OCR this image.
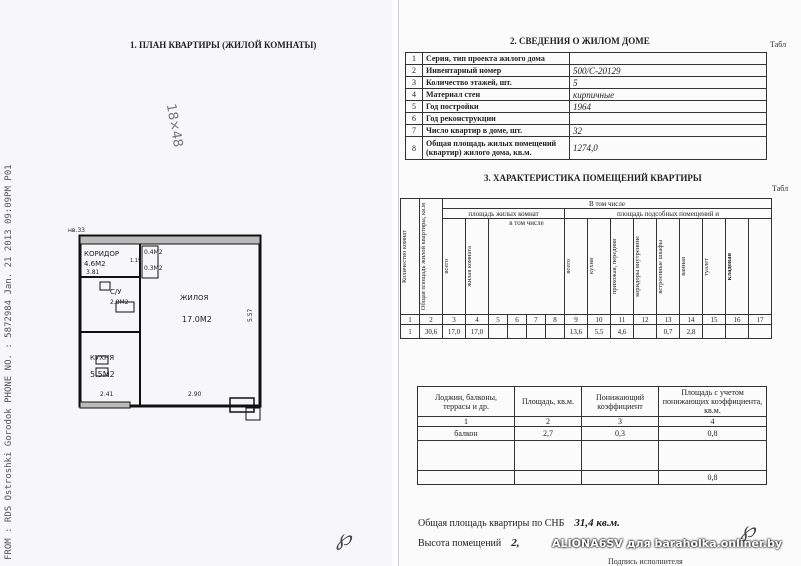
FROM : RDS Ostroshki Gorodok PHONE NO. : 5872984 Jan. 21 2013 09:09PM P01
1. ПЛАН КВАРТИРЫ (ЖИЛОЙ КОМНАТЫ)
18×48
нв.33
КОРИДОР
4.6М2
3.81
0.4М2
0.3М2
1.19
С/У
2.8М2
ЖИЛОЯ
17.0М2	5.57
КУХНЯ
5.5М2
2.41	2.90
℘
2. СВЕДЕНИЯ О ЖИЛОМ ДОМЕ	Табл
1	Серия, тип проекта жилого дома	
2	Инвентарный номер	500/С-20129
3	Количество этажей, шт.	5
4	Материал стен	кирпичные
5	Год постройки	1964
6	Год реконструкции	
7	Число квартир в доме, шт.	32
8	Общая площадь жилых помещений (квартир) жилого дома, кв.м.	1274,0
3. ХАРАКТЕРИСТИКА ПОМЕЩЕНИЙ КВАРТИРЫ
Табл
Количество комнат	Общая площадь жилой квартиры, кв.м	В том числе														
		площадь жилых комнат						площадь подсобных помещений и								

		всего	жилая комната	в том числе				всего	кухня	прихожая, передняя	коридоры внутренние	встроенные шкафы	ванная	туалет	кладовая	

1	2	3	4	5	6	7	8	9	10	11	12	13	14	15	16	17
1	30,6	17,0	17,0					13,6	5,5	4,6		0,7	2,8			
Лоджии, балконы, террасы и др.	Площадь, кв.м.	Понижающий коэффициент	Площадь с учетом понижающих коэффициента, кв.м.
1	2	3	4
балкон	2,7	0,3	0,8

			0,8
Общая площадь квартиры по СНБ 31,4 кв.м.
Высота помещений 2,
Подпись исполнителя
℘
ALIONA6SV для baraholka.onliner.by
